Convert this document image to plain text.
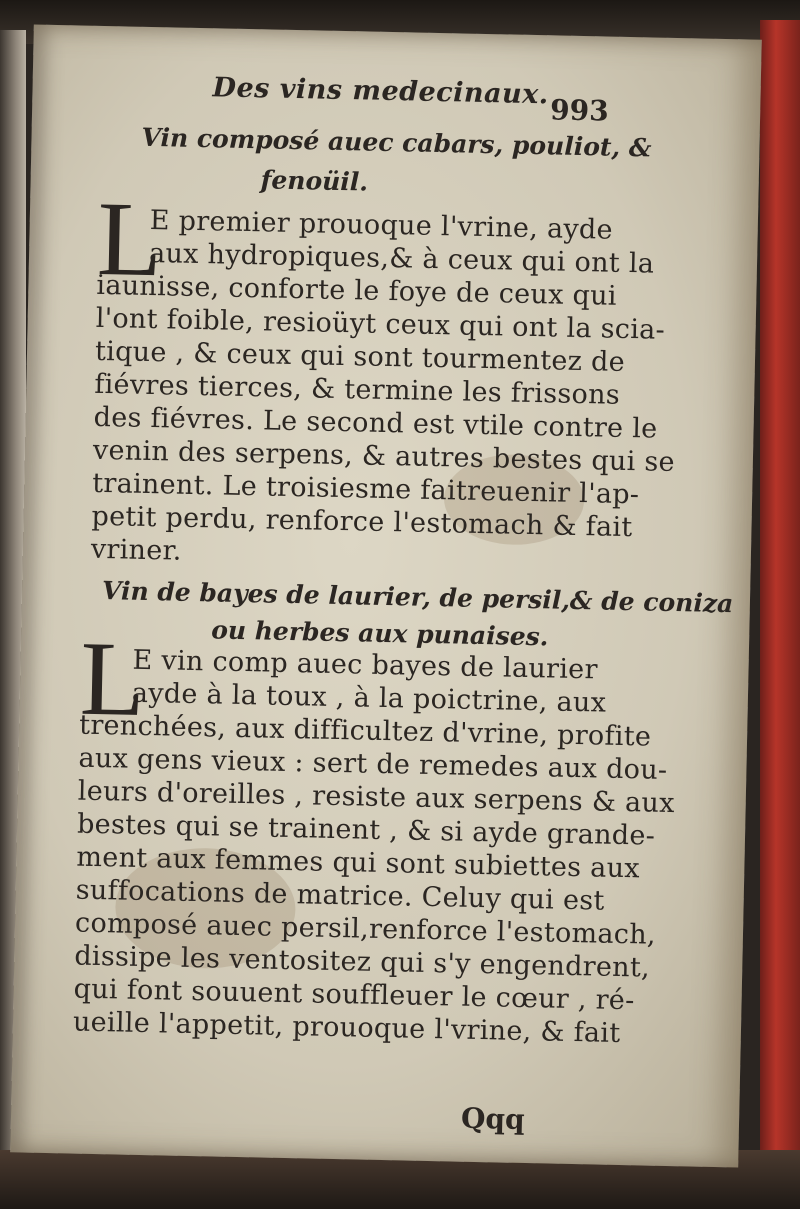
Des vins medecinaux.
993
Vin composé auec cabars, pouliot, &
fenoüil.
L
E premier prouoque l'vrine, ayde
aux hydropiques,& à ceux qui ont la
iaunisse, conforte le foye de ceux qui
l'ont foible, resioüyt ceux qui ont la scia-
tique , & ceux qui sont tourmentez de
fiévres tierces, & termine les frissons
des fiévres. Le second est vtile contre le
venin des serpens, & autres bestes qui se
trainent. Le troisiesme faitreuenir l'ap-
petit perdu, renforce l'estomach & fait
vriner.
Vin de bayes de laurier, de persil,& de coniza
ou herbes aux punaises.
L
E vin comp auec bayes de laurier
ayde à la toux , à la poictrine, aux
trenchées, aux difficultez d'vrine, profite
aux gens vieux : sert de remedes aux dou-
leurs d'oreilles , resiste aux serpens & aux
bestes qui se trainent , & si ayde grande-
ment aux femmes qui sont subiettes aux
suffocations de matrice. Celuy qui est
composé auec persil,renforce l'estomach,
dissipe les ventositez qui s'y engendrent,
qui font souuent souffleuer le cœur , ré-
ueille l'appetit, prouoque l'vrine, & fait
Qqq
